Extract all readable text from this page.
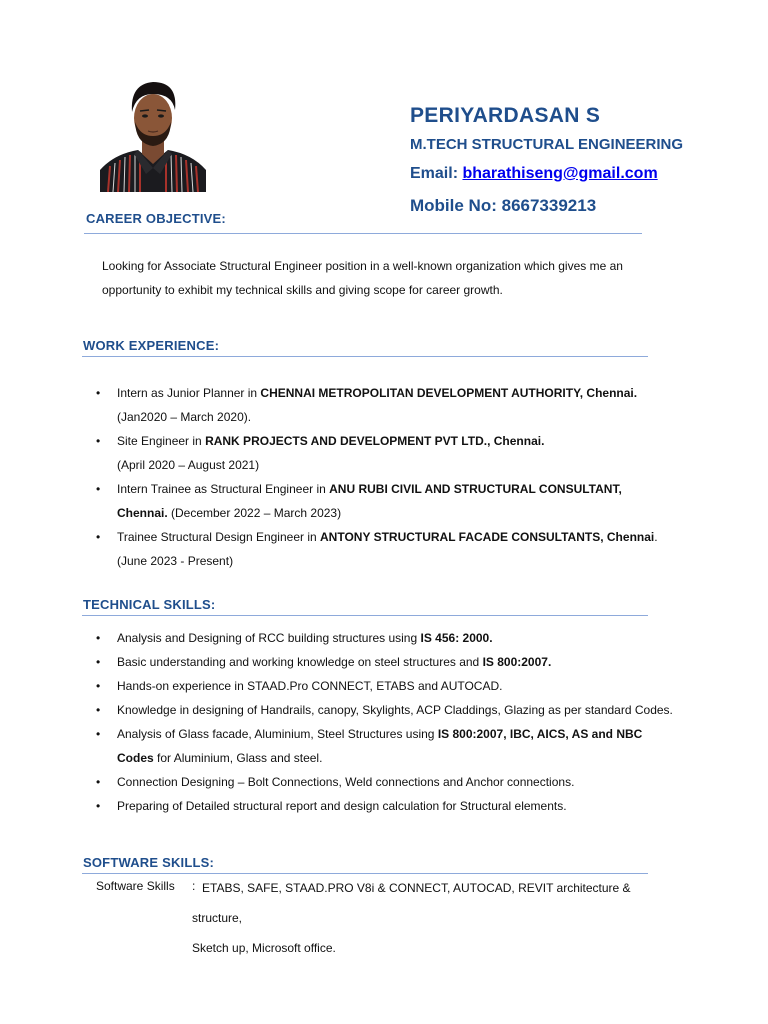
PERIYARDASAN S
M.TECH STRUCTURAL ENGINEERING
Email: bharathiseng@gmail.com
Mobile No: 8667339213
CAREER OBJECTIVE:
Looking for Associate Structural Engineer position in a well-known organization which gives me an
opportunity to exhibit my technical skills and giving scope for career growth.
WORK EXPERIENCE:
• Intern as Junior Planner in CHENNAI METROPOLITAN DEVELOPMENT AUTHORITY, Chennai.
(Jan2020 – March 2020).
• Site Engineer in RANK PROJECTS AND DEVELOPMENT PVT LTD., Chennai.
(April 2020 – August 2021)
• Intern Trainee as Structural Engineer in ANU RUBI CIVIL AND STRUCTURAL CONSULTANT,
Chennai. (December 2022 – March 2023)
• Trainee Structural Design Engineer in ANTONY STRUCTURAL FACADE CONSULTANTS, Chennai.
(June 2023 - Present)
TECHNICAL SKILLS:
• Analysis and Designing of RCC building structures using IS 456: 2000.
• Basic understanding and working knowledge on steel structures and IS 800:2007.
• Hands-on experience in STAAD.Pro CONNECT, ETABS and AUTOCAD.
• Knowledge in designing of Handrails, canopy, Skylights, ACP Claddings, Glazing as per standard Codes.
• Analysis of Glass facade, Aluminium, Steel Structures using IS 800:2007, IBC, AICS, AS and NBC
Codes for Aluminium, Glass and steel.
• Connection Designing – Bolt Connections, Weld connections and Anchor connections.
• Preparing of Detailed structural report and design calculation for Structural elements.
SOFTWARE SKILLS:
Software Skills : ETABS, SAFE, STAAD.PRO V8i & CONNECT, AUTOCAD, REVIT architecture & structure,
Sketch up, Microsoft office.
